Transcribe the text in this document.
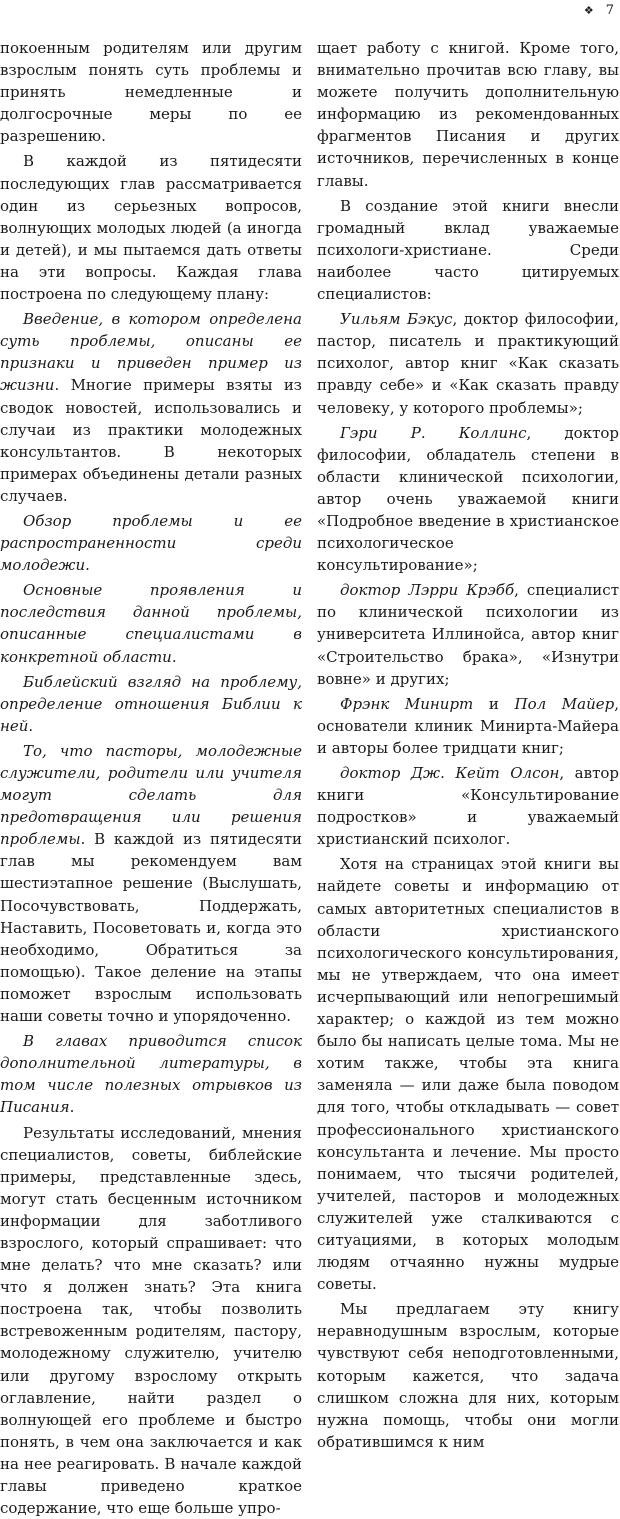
❖ 7

покоенным родителям или другим взрослым понять суть проблемы и принять немедленные и долгосрочные меры по ее разрешению.

В каждой из пятидесяти последующих глав рассматривается один из серьезных вопросов, волнующих молодых людей (а иногда и детей), и мы пытаемся дать ответы на эти вопросы. Каждая глава построена по следующему плану:

Введение, в котором определена суть проблемы, описаны ее признаки и приведен пример из жизни. Многие примеры взяты из сводок новостей, использовались и случаи из практики молодежных консультантов. В некоторых примерах объединены детали разных случаев.

Обзор проблемы и ее распространенности среди молодежи.

Основные проявления и последствия данной проблемы, описанные специалистами в конкретной области.

Библейский взгляд на проблему, определение отношения Библии к ней.

То, что пасторы, молодежные служители, родители или учителя могут сделать для предотвращения или решения проблемы. В каждой из пятидесяти глав мы рекомендуем вам шестиэтапное решение (Выслушать, Посочувствовать, Поддержать, Наставить, Посоветовать и, когда это необходимо, Обратиться за помощью). Такое деление на этапы поможет взрослым использовать наши советы точно и упорядоченно.

В главах приводится список дополнительной литературы, в том числе полезных отрывков из Писания.

Результаты исследований, мнения специалистов, советы, библейские примеры, представленные здесь, могут стать бесценным источником информации для заботливого взрослого, который спрашивает: что мне делать? что мне сказать? или что я должен знать? Эта книга построена так, чтобы позволить встревоженным родителям, пастору, молодежному служителю, учителю или другому взрослому открыть оглавление, найти раздел о волнующей его проблеме и быстро понять, в чем она заключается и как на нее реагировать. В начале каждой главы приведено краткое содержание, что еще больше упро-

щает работу с книгой. Кроме того, внимательно прочитав всю главу, вы можете получить дополнительную информацию из рекомендованных фрагментов Писания и других источников, перечисленных в конце главы.

В создание этой книги внесли громадный вклад уважаемые психологи-христиане. Среди наиболее часто цитируемых специалистов:

Уильям Бэкус, доктор философии, пастор, писатель и практикующий психолог, автор книг «Как сказать правду себе» и «Как сказать правду человеку, у которого проблемы»;

Гэри Р. Коллинс, доктор философии, обладатель степени в области клинической психологии, автор очень уважаемой книги «Подробное введение в христианское психологическое консультирование»;

доктор Лэрри Крэбб, специалист по клинической психологии из университета Иллинойса, автор книг «Строительство брака», «Изнутри вовне» и других;

Фрэнк Минирт и Пол Майер, основатели клиник Минирта-Майера и авторы более тридцати книг;

доктор Дж. Кейт Олсон, автор книги «Консультирование подростков» и уважаемый христианский психолог.

Хотя на страницах этой книги вы найдете советы и информацию от самых авторитетных специалистов в области христианского психологического консультирования, мы не утверждаем, что она имеет исчерпывающий или непогрешимый характер; о каждой из тем можно было бы написать целые тома. Мы не хотим также, чтобы эта книга заменяла — или даже была поводом для того, чтобы откладывать — совет профессионального христианского консультанта и лечение. Мы просто понимаем, что тысячи родителей, учителей, пасторов и молодежных служителей уже сталкиваются с ситуациями, в которых молодым людям отчаянно нужны мудрые советы.

Мы предлагаем эту книгу неравнодушным взрослым, которые чувствуют себя неподготовленными, которым кажется, что задача слишком сложна для них, которым нужна помощь, чтобы они могли обратившимся к ним
